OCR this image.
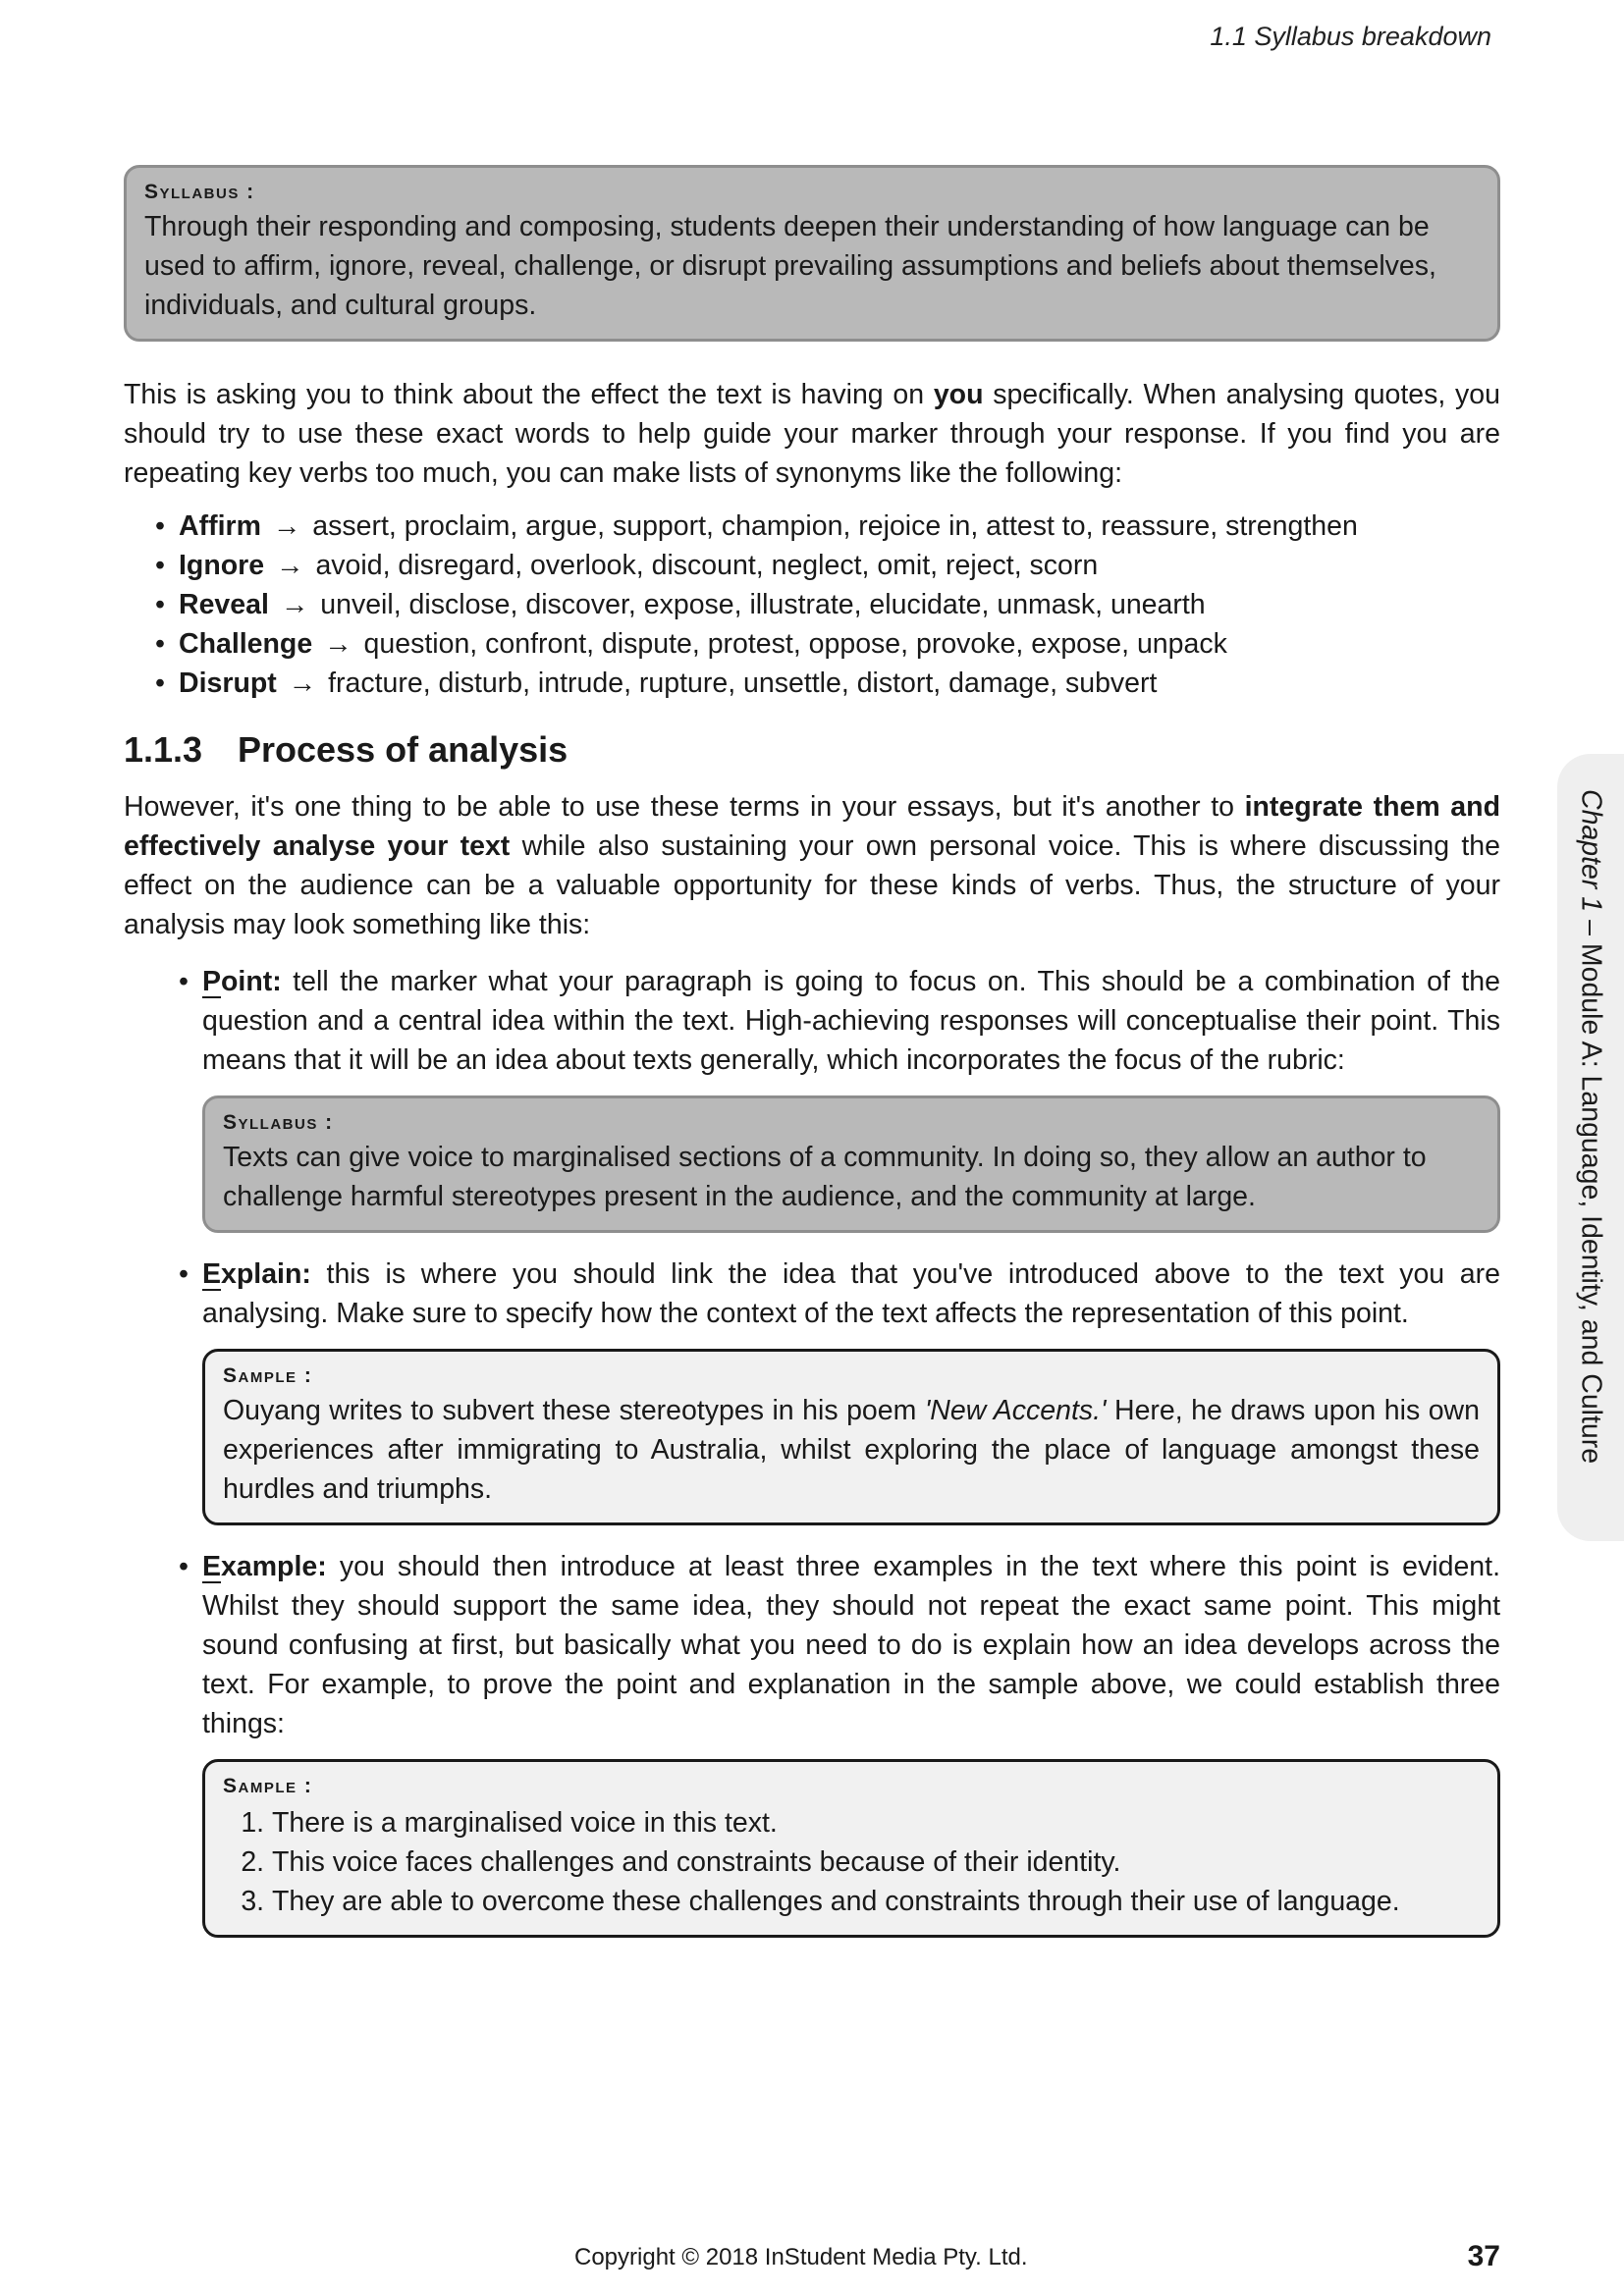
1.1 Syllabus breakdown
Syllabus :
Through their responding and composing, students deepen their understanding of how language can be used to affirm, ignore, reveal, challenge, or disrupt prevailing assumptions and beliefs about themselves, individuals, and cultural groups.

This is asking you to think about the effect the text is having on you specifically. When analysing quotes, you should try to use these exact words to help guide your marker through your response. If you find you are repeating key verbs too much, you can make lists of synonyms like the following:

• Affirm → assert, proclaim, argue, support, champion, rejoice in, attest to, reassure, strengthen
• Ignore → avoid, disregard, overlook, discount, neglect, omit, reject, scorn
• Reveal → unveil, disclose, discover, expose, illustrate, elucidate, unmask, unearth
• Challenge → question, confront, dispute, protest, oppose, provoke, expose, unpack
• Disrupt → fracture, disturb, intrude, rupture, unsettle, distort, damage, subvert
1.1.3 Process of analysis

However, it's one thing to be able to use these terms in your essays, but it's another to integrate them and effectively analyse your text while also sustaining your own personal voice. This is where discussing the effect on the audience can be a valuable opportunity for these kinds of verbs. Thus, the structure of your analysis may look something like this:

• Point: tell the marker what your paragraph is going to focus on. This should be a combination of the question and a central idea within the text. High-achieving responses will conceptualise their point. This means that it will be an idea about texts generally, which incorporates the focus of the rubric:
Syllabus :
Texts can give voice to marginalised sections of a community. In doing so, they allow an author to challenge harmful stereotypes present in the audience, and the community at large.
• Explain: this is where you should link the idea that you've introduced above to the text you are analysing. Make sure to specify how the context of the text affects the representation of this point.
Sample :
Ouyang writes to subvert these stereotypes in his poem 'New Accents.' Here, he draws upon his own experiences after immigrating to Australia, whilst exploring the place of language amongst these hurdles and triumphs.
• Example: you should then introduce at least three examples in the text where this point is evident. Whilst they should support the same idea, they should not repeat the exact same point. This might sound confusing at first, but basically what you need to do is explain how an idea develops across the text. For example, to prove the point and explanation in the sample above, we could establish three things:
Sample :
1. There is a marginalised voice in this text.
2. This voice faces challenges and constraints because of their identity.
3. They are able to overcome these challenges and constraints through their use of language.
Chapter 1 – Module A: Language, Identity, and Culture
Copyright © 2018 InStudent Media Pty. Ltd.	37
